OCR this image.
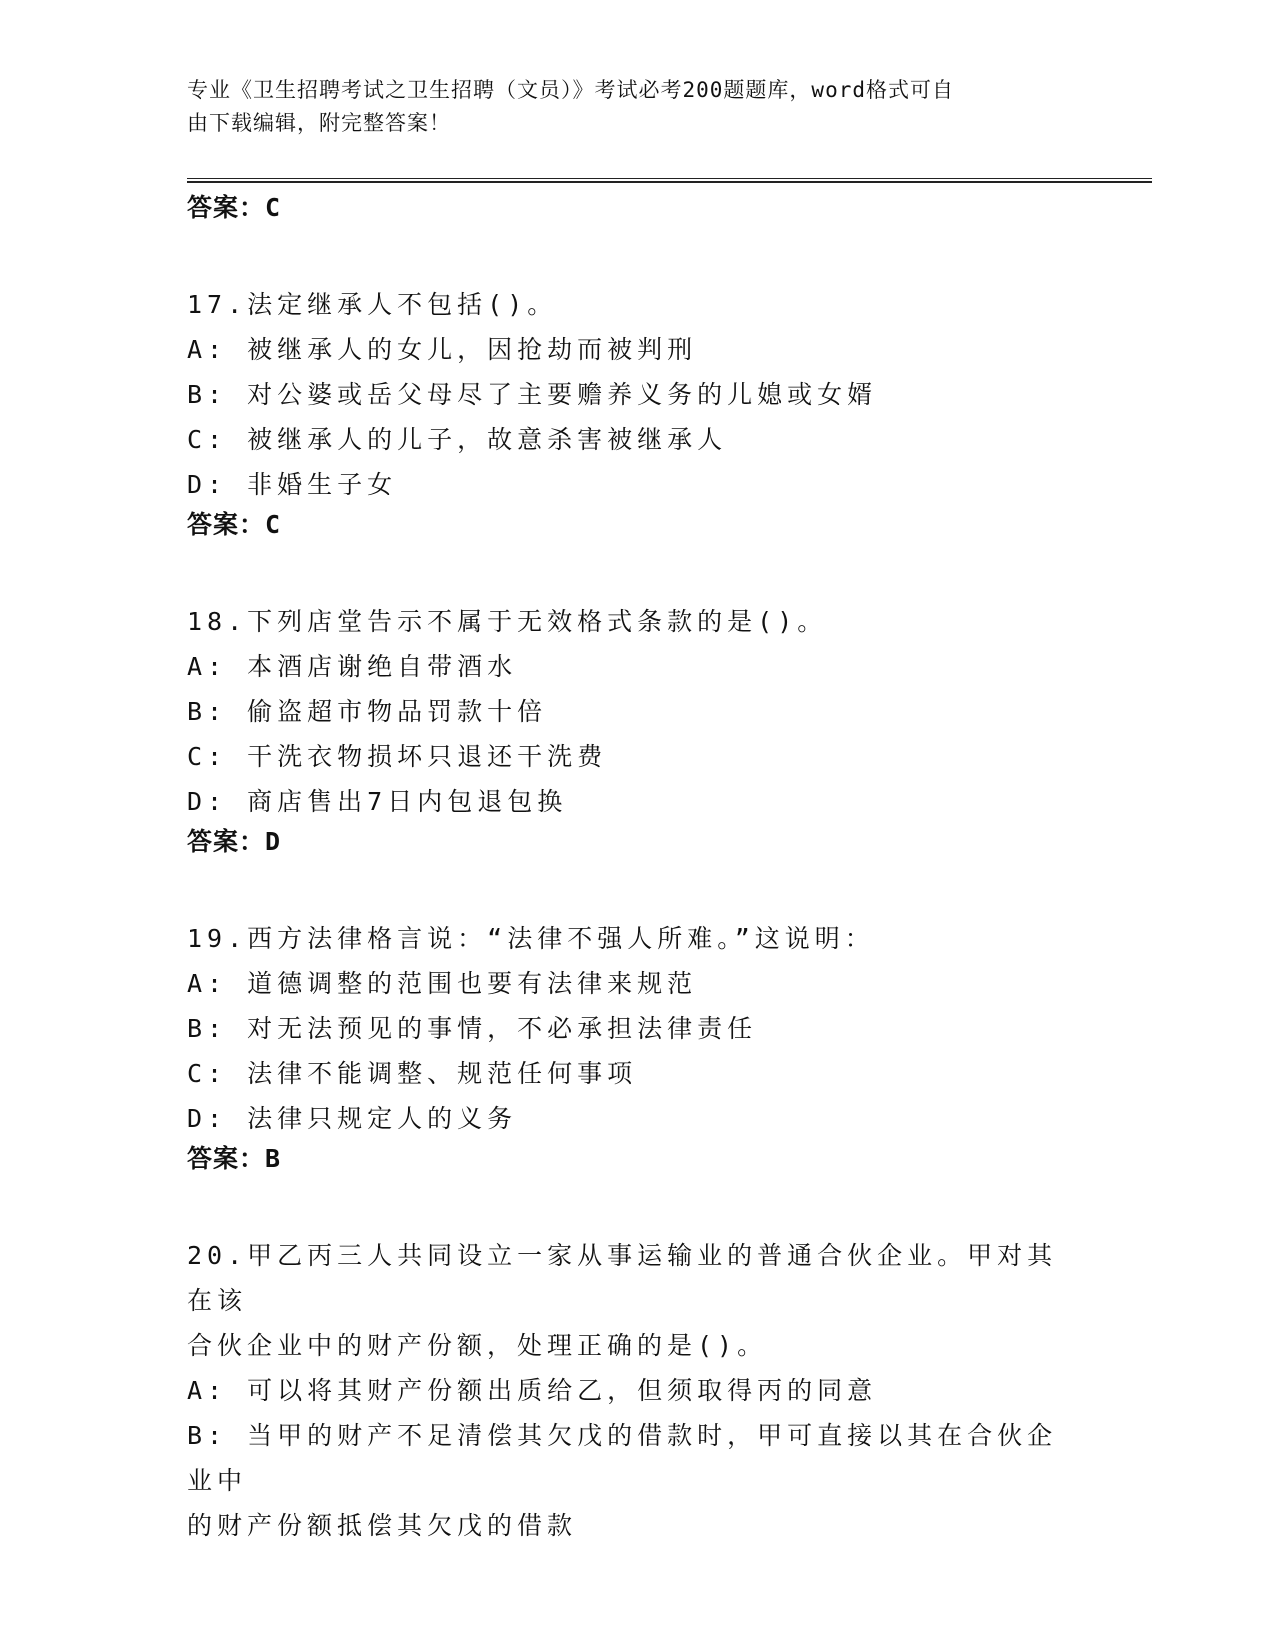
专业《卫生招聘考试之卫生招聘（文员）》考试必考200题题库，word格式可自
由下载编辑，附完整答案！
答案：C
17.法定继承人不包括()。
A: 被继承人的女儿，因抢劫而被判刑
B: 对公婆或岳父母尽了主要赡养义务的儿媳或女婿
C: 被继承人的儿子，故意杀害被继承人
D: 非婚生子女
答案：C
18.下列店堂告示不属于无效格式条款的是()。
A: 本酒店谢绝自带酒水
B: 偷盗超市物品罚款十倍
C: 干洗衣物损坏只退还干洗费
D: 商店售出7日内包退包换
答案：D
19.西方法律格言说：“法律不强人所难。”这说明：
A: 道德调整的范围也要有法律来规范
B: 对无法预见的事情，不必承担法律责任
C: 法律不能调整、规范任何事项
D: 法律只规定人的义务
答案：B
20.甲乙丙三人共同设立一家从事运输业的普通合伙企业。甲对其在该
合伙企业中的财产份额，处理正确的是()。
A: 可以将其财产份额出质给乙，但须取得丙的同意
B: 当甲的财产不足清偿其欠戊的借款时，甲可直接以其在合伙企业中
的财产份额抵偿其欠戊的借款
